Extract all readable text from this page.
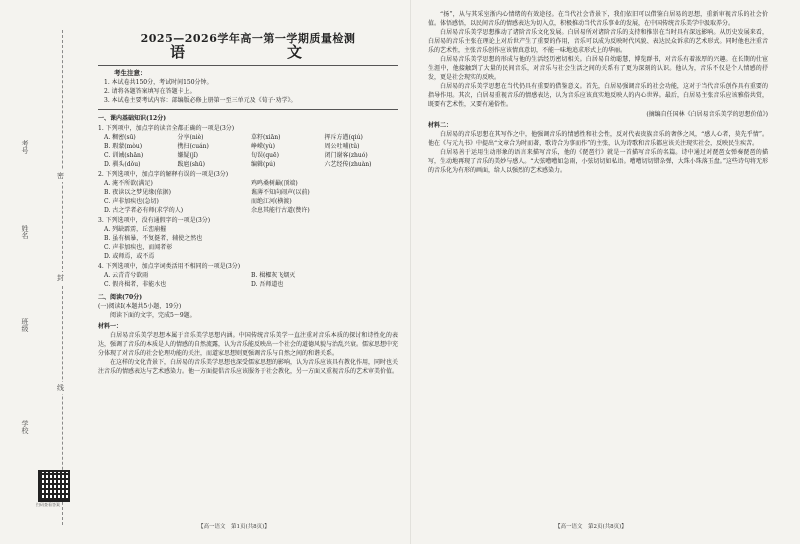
考号
姓名
班级
学校
密
封
线
扫码查看答案
2025—2026学年高一第一学期质量检测
语　　文
考生注意：
1. 本试卷共150分，考试时间150分钟。
2. 请将各题答案填写在答题卡上。
3. 本试卷主要考试内容：部编版必修上册第一至三单元及《荀子·劝学》。
一、课内基础知识(12分)
1. 下列项中，加点字的读音全都正确的一项是(3分)
A. 稠密(sū)	分享(niè)	草籽(xiān)	挥斥方遒(qiú)
B. 瑕蒙(mòu)	携扫(cuán)	峥嵘(yù)	周公吐哺(tǔ)
C. 训诫(shān)	嫌疑(jǐ)	旬误(quē)	闭门谢客(zhuó)
D. 驯头(dǒu)	跋扈(shū)	编辑(pú)	六艺经传(zhuàn)
2. 下列选项中，加点字的解释有误的一项是(3分)
A. 淹不所欲(满足)	鸡鸣桑树巅(顶端)
B. 夜读以之梦见缘(依据)	谯薄不知向闹声(以前)
C. 声非加疾也(急切)	而绝江河(横渡)
D. 古之学者必有师(求学的人)	余息其能行古道(赞许)
3. 下列选项中，没有通假字的一项是(3分)
A. 列缺霹雳，丘峦崩摧
B. 虽有槁暴，不复挺者，辅使之然也
C. 声非加疾也，而闻者彰
D. 或师焉，或不焉
4. 下列选项中，加点字词类活用不相同的一项是(3分)
A. 云青青兮欲雨	B. 楫櫂灰飞烟灭
C. 假舟楫者，非能水也	D. 吾师道也
二、阅读(70分)
(一)阅读Ⅰ(本题共5小题，19分)
阅读下面的文字，完成5～9题。
材料一：
白居易音乐美学思想本属于音乐美学思想内涵。中国传统音乐美学一直注重对音乐本质的探讨和诗性化的表达，强调了音乐的本质是人的情感的自然流露，认为音乐能反映出一个社会的道德风貌与治乱兴衰。儒家思想中充分体现了对音乐的社会伦理功能的关注，而道家思想则更强调音乐与自然之间的和谐关系。
在这样的文化背景下，白居易的音乐美学思想也深受儒家思想的影响，认为音乐应该具有教化作用，同时也关注音乐的情感表达与艺术感染力。他一方面提倡音乐应该服务于社会教化，另一方面又重视音乐的艺术审美价值。
“扬”，从与其采室浙内心情绪的有效途径。在当代社会背景下，我们依旧可以借鉴白居易的思想，重新审视音乐的社会价值。体悟感悟，以民间音乐的情感表达为切入点，积极推动当代音乐事业的发展，在中国传统音乐美学中汲取养分。
白居易音乐美学思想推动了诸阶音乐文化发展。白居易所对诸阶音乐的支持和推崇在当时具有深远影响。从历史发展来看，白居易的音乐主张在理论上对后世产生了重要的作用，音乐可以成为反映时代风貌、表达民众诉求的艺术形式。同时他也注重音乐的艺术性，主张音乐创作应该情真意切，不能一味地追求形式上的华丽。
白居易音乐美学思想的形成与他的生活经历密切相关。白居易自幼聪慧，博览群书，对音乐有着浓厚的兴趣。在长期的仕宦生涯中，他接触到了大量的民间音乐，对音乐与社会生活之间的关系有了更为深刻的认识。他认为，音乐不仅是个人情感的抒发，更是社会现实的反映。
白居易的音乐美学思想在当代仍具有重要的借鉴意义。首先，白居易强调音乐的社会功能，这对于当代音乐创作具有重要的指导作用。其次，白居易重视音乐的情感表达，认为音乐应该真实地反映人的内心世界。最后，白居易主张音乐应该雅俗共赏，既要有艺术性，又要有通俗性。
(摘编自任国林《白居易音乐美学的思想价值》)
材料二：
白居易的音乐思想在其写作之中，他强调音乐的情感性和社会性，反对代表贵族音乐的奢侈之风，“感人心者，莫先乎情”。他在《与元九书》中提出“文章合为时而著，歌诗合为事而作”的主张，认为诗歌和音乐都应该关注现实社会，反映民生疾苦。
白居易善于运用生动形象的语言来描写音乐，他的《琵琶行》就是一首描写音乐的名篇。诗中通过对琵琶女弹奏琵琶的描写，生动地再现了音乐的美妙与感人。“大弦嘈嘈如急雨，小弦切切如私语。嘈嘈切切错杂弹，大珠小珠落玉盘。”这些诗句将无形的音乐化为有形的画面，给人以强烈的艺术感染力。
【高一语文　第1页(共8页)】	【高一语文　第2页(共8页)】
